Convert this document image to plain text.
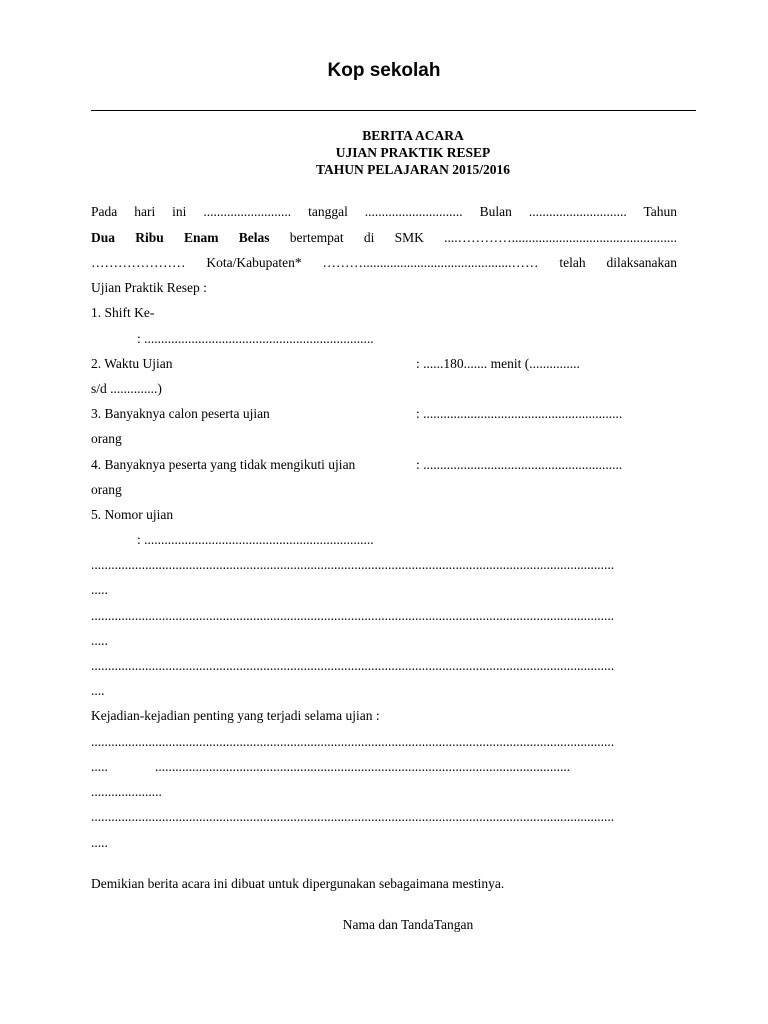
Kop sekolah
BERITA ACARA
UJIAN PRAKTIK RESEP
TAHUN PELAJARAN 2015/2016
Pada hari ini .......................... tanggal ............................. Bulan ............................. Tahun
Dua Ribu Enam Belas bertempat di SMK ....………….................................................
………………… Kota/Kabupaten* ………............................................…… telah dilaksanakan
Ujian Praktik Resep :
1. Shift Ke-
: ....................................................................
2. Waktu Ujian	: ......180....... menit (...............
s/d ..............)
3. Banyaknya calon peserta ujian	: ...........................................................
orang
4. Banyaknya peserta yang tidak mengikuti ujian	: ...........................................................
orang
5. Nomor ujian
: ....................................................................
...........................................................................................................................................................
.....
...........................................................................................................................................................
.....
...........................................................................................................................................................
....
Kejadian-kejadian penting yang terjadi selama ujian :
...........................................................................................................................................................
.....	...........................................................................................................................
.....................
...........................................................................................................................................................
.....
Demikian berita acara ini dibuat untuk dipergunakan sebagaimana mestinya.
Nama dan TandaTangan
